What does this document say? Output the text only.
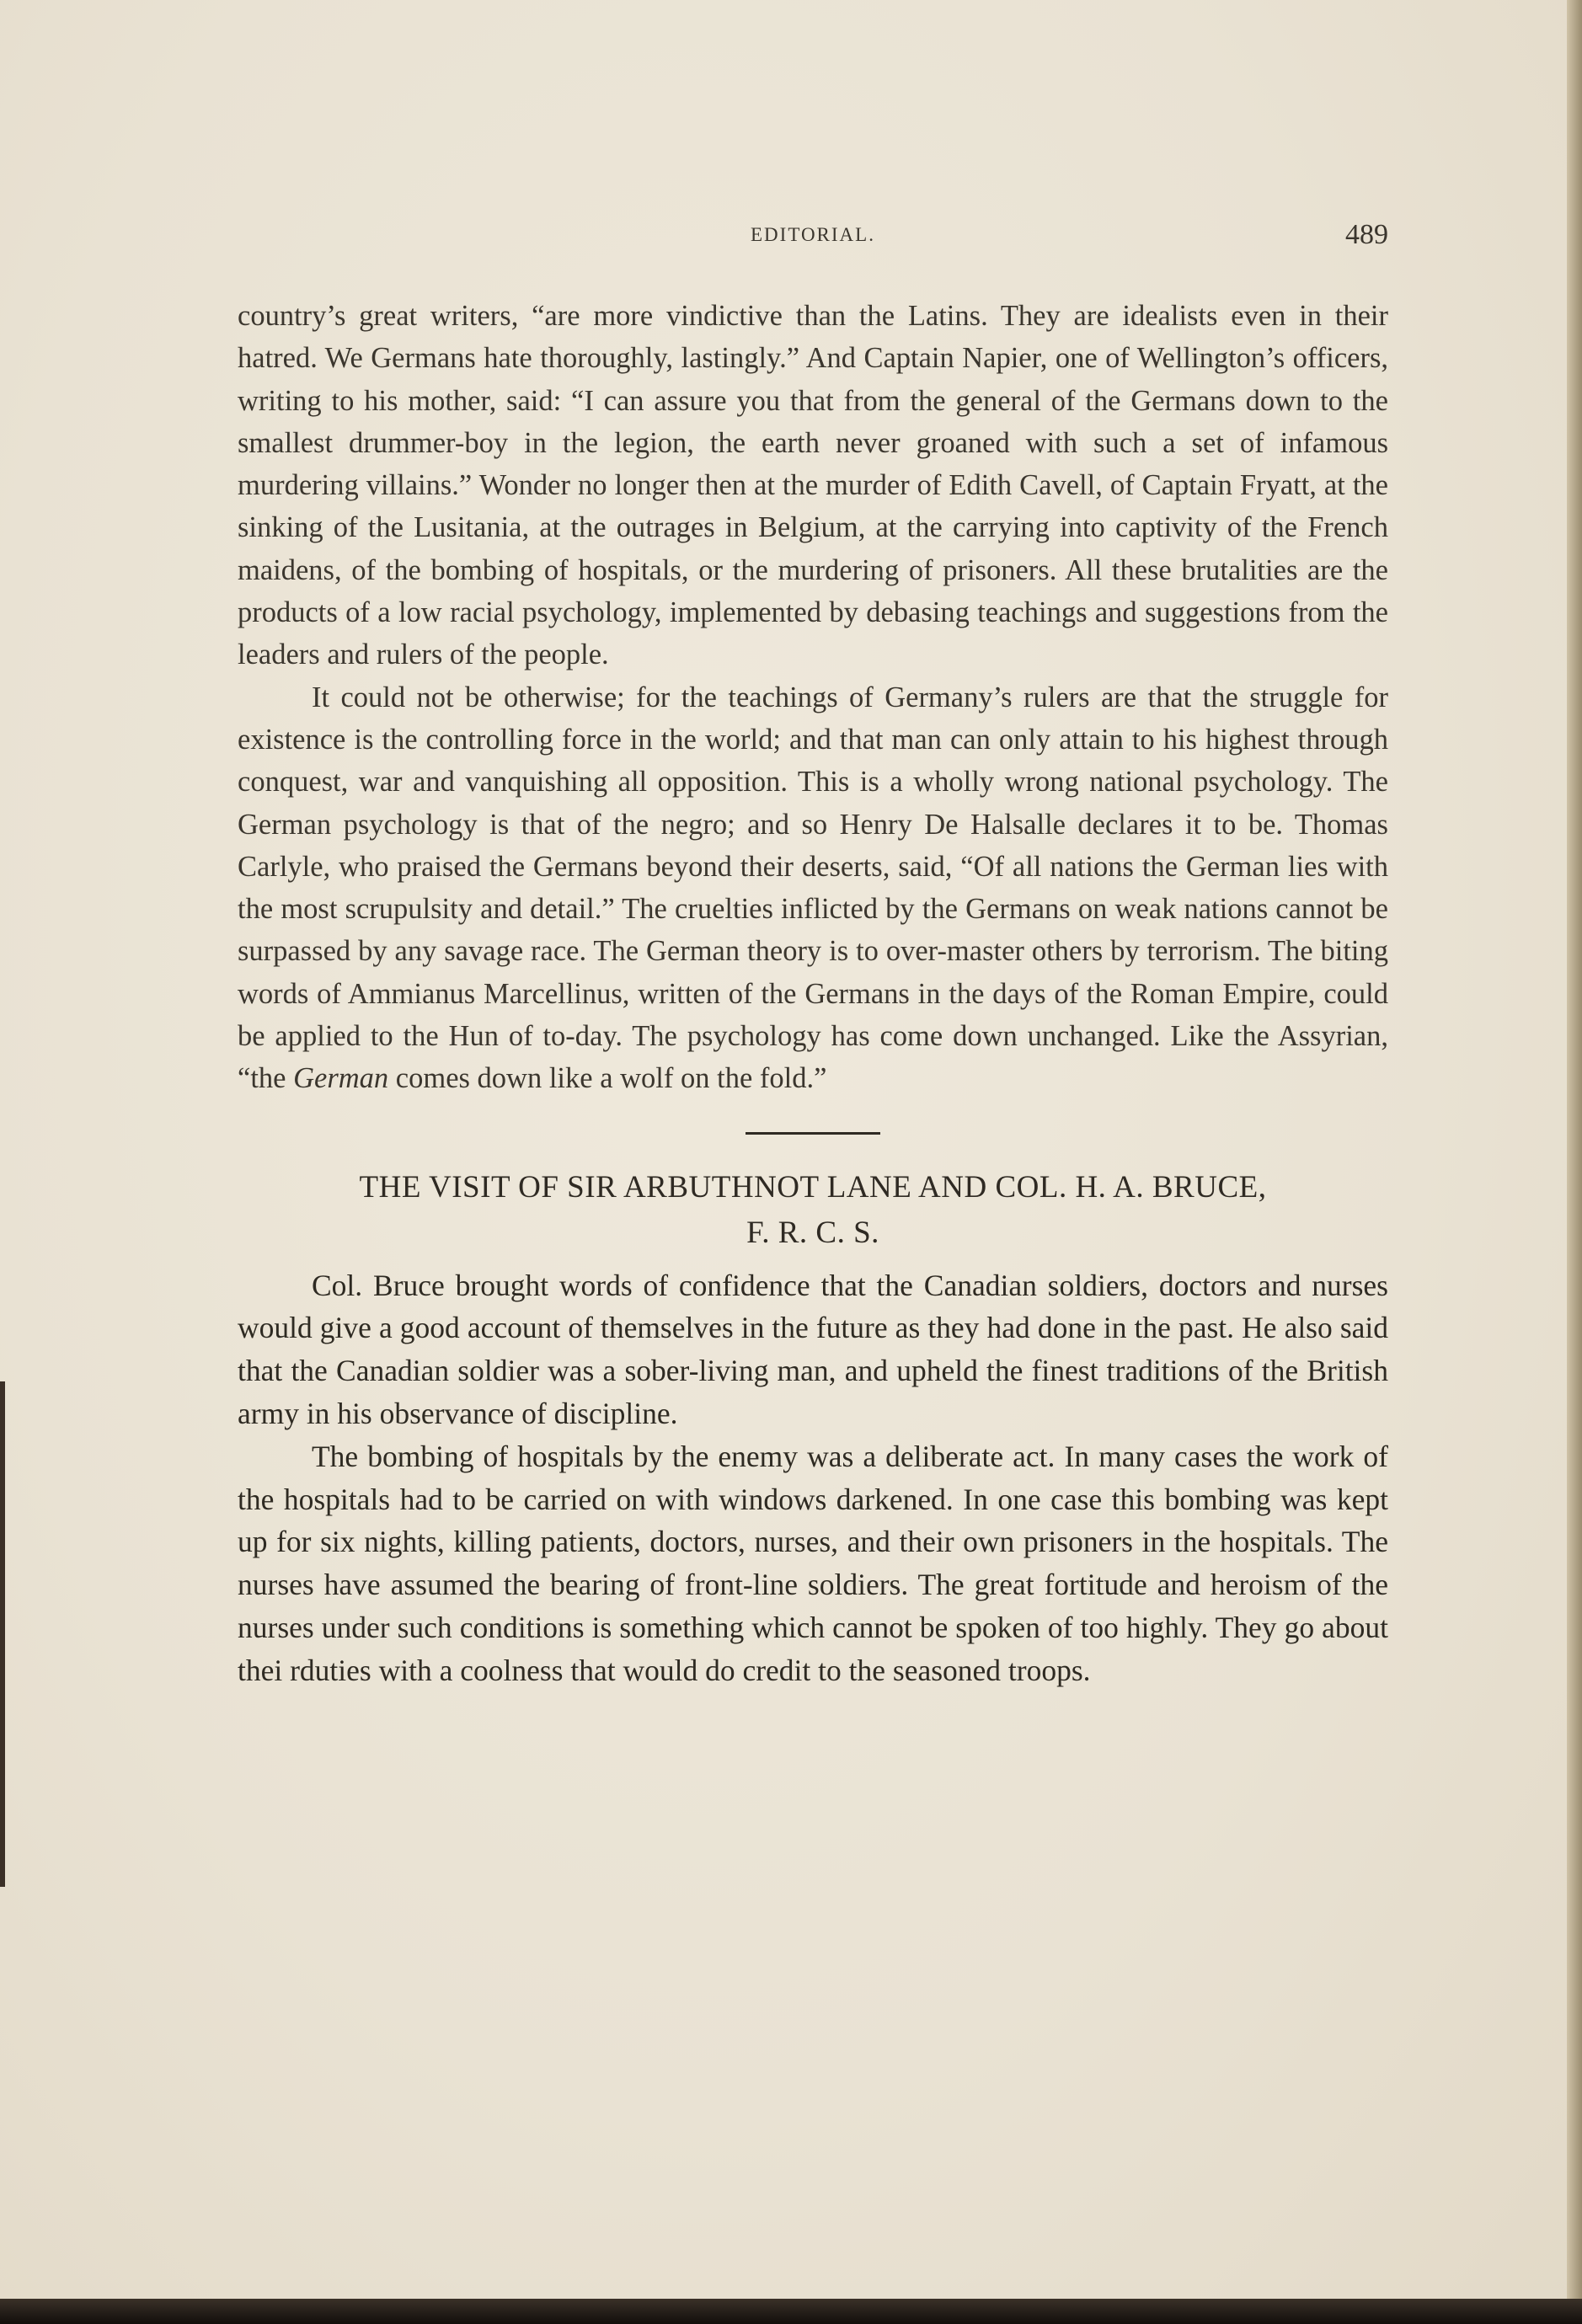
EDITORIAL.	489

country’s great writers, “are more vindictive than the Latins. They are idealists even in their hatred. We Germans hate thoroughly, lastingly.” And Captain Napier, one of Wellington’s officers, writing to his mother, said: “I can assure you that from the general of the Germans down to the smallest drummer-boy in the legion, the earth never groaned with such a set of infamous murdering villains.” Wonder no longer then at the murder of Edith Cavell, of Captain Fryatt, at the sinking of the Lusitania, at the outrages in Belgium, at the carrying into captivity of the French maidens, of the bombing of hospitals, or the murdering of prisoners. All these brutalities are the products of a low racial psychology, implemented by debasing teachings and suggestions from the leaders and rulers of the people.

It could not be otherwise; for the teachings of Germany’s rulers are that the struggle for existence is the controlling force in the world; and that man can only attain to his highest through conquest, war and vanquishing all opposition. This is a wholly wrong national psychology. The German psychology is that of the negro; and so Henry De Halsalle declares it to be. Thomas Carlyle, who praised the Germans beyond their deserts, said, “Of all nations the German lies with the most scrupulsity and detail.” The cruelties inflicted by the Germans on weak nations cannot be surpassed by any savage race. The German theory is to over-master others by terrorism. The biting words of Ammianus Marcellinus, written of the Germans in the days of the Roman Empire, could be applied to the Hun of to-day. The psychology has come down unchanged. Like the Assyrian, “the German comes down like a wolf on the fold.”

THE VISIT OF SIR ARBUTHNOT LANE AND COL. H. A. BRUCE,
F. R. C. S.

Col. Bruce brought words of confidence that the Canadian soldiers, doctors and nurses would give a good account of themselves in the future as they had done in the past. He also said that the Canadian soldier was a sober-living man, and upheld the finest traditions of the British army in his observance of discipline.

The bombing of hospitals by the enemy was a deliberate act. In many cases the work of the hospitals had to be carried on with windows darkened. In one case this bombing was kept up for six nights, killing patients, doctors, nurses, and their own prisoners in the hospitals. The nurses have assumed the bearing of front-line soldiers. The great fortitude and heroism of the nurses under such conditions is something which cannot be spoken of too highly. They go about thei rduties with a coolness that would do credit to the seasoned troops.
